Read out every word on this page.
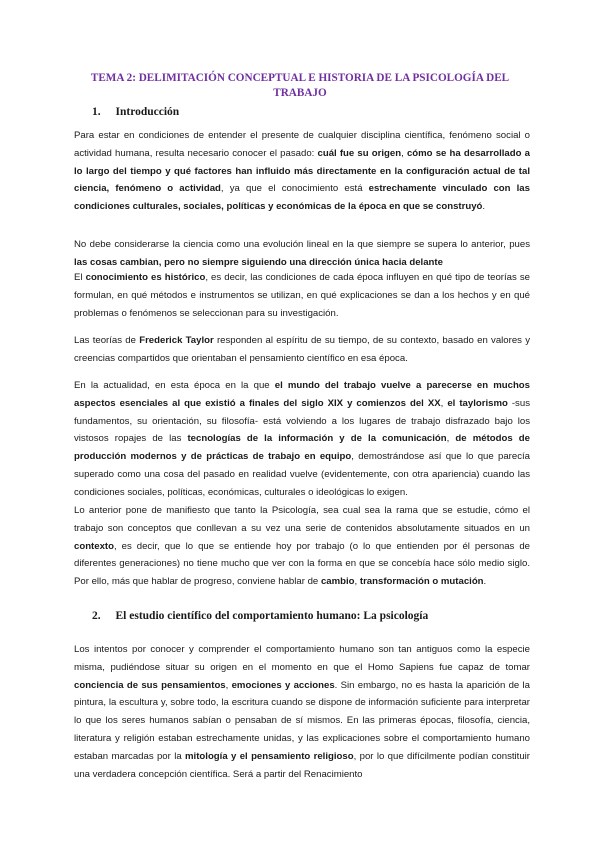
TEMA 2: DELIMITACIÓN CONCEPTUAL E HISTORIA DE LA PSICOLOGÍA DEL TRABAJO
1. Introducción

Para estar en condiciones de entender el presente de cualquier disciplina científica, fenómeno social o actividad humana, resulta necesario conocer el pasado: cuál fue su origen, cómo se ha desarrollado a lo largo del tiempo y qué factores han influido más directamente en la configuración actual de tal ciencia, fenómeno o actividad, ya que el conocimiento está estrechamente vinculado con las condiciones culturales, sociales, políticas y económicas de la época en que se construyó.

No debe considerarse la ciencia como una evolución lineal en la que siempre se supera lo anterior, pues las cosas cambian, pero no siempre siguiendo una dirección única hacia delante

El conocimiento es histórico, es decir, las condiciones de cada época influyen en qué tipo de teorías se formulan, en qué métodos e instrumentos se utilizan, en qué explicaciones se dan a los hechos y en qué problemas o fenómenos se seleccionan para su investigación.

Las teorías de Frederick Taylor responden al espíritu de su tiempo, de su contexto, basado en valores y creencias compartidos que orientaban el pensamiento científico en esa época.

En la actualidad, en esta época en la que el mundo del trabajo vuelve a parecerse en muchos aspectos esenciales al que existió a finales del siglo XIX y comienzos del XX, el taylorismo -sus fundamentos, su orientación, su filosofía- está volviendo a los lugares de trabajo disfrazado bajo los vistosos ropajes de las tecnologías de la información y de la comunicación, de métodos de producción modernos y de prácticas de trabajo en equipo, demostrándose así que lo que parecía superado como una cosa del pasado en realidad vuelve (evidentemente, con otra apariencia) cuando las condiciones sociales, políticas, económicas, culturales o ideológicas lo exigen.

Lo anterior pone de manifiesto que tanto la Psicología, sea cual sea la rama que se estudie, cómo el trabajo son conceptos que conllevan a su vez una serie de contenidos absolutamente situados en un contexto, es decir, que lo que se entiende hoy por trabajo (o lo que entienden por él personas de diferentes generaciones) no tiene mucho que ver con la forma en que se concebía hace sólo medio siglo. Por ello, más que hablar de progreso, conviene hablar de cambio, transformación o mutación.

2. El estudio científico del comportamiento humano: La psicología

Los intentos por conocer y comprender el comportamiento humano son tan antiguos como la especie misma, pudiéndose situar su origen en el momento en que el Homo Sapiens fue capaz de tomar conciencia de sus pensamientos, emociones y acciones. Sin embargo, no es hasta la aparición de la pintura, la escultura y, sobre todo, la escritura cuando se dispone de información suficiente para interpretar lo que los seres humanos sabían o pensaban de sí mismos. En las primeras épocas, filosofía, ciencia, literatura y religión estaban estrechamente unidas, y las explicaciones sobre el comportamiento humano estaban marcadas por la mitología y el pensamiento religioso, por lo que difícilmente podían constituir una verdadera concepción científica. Será a partir del Renacimiento
